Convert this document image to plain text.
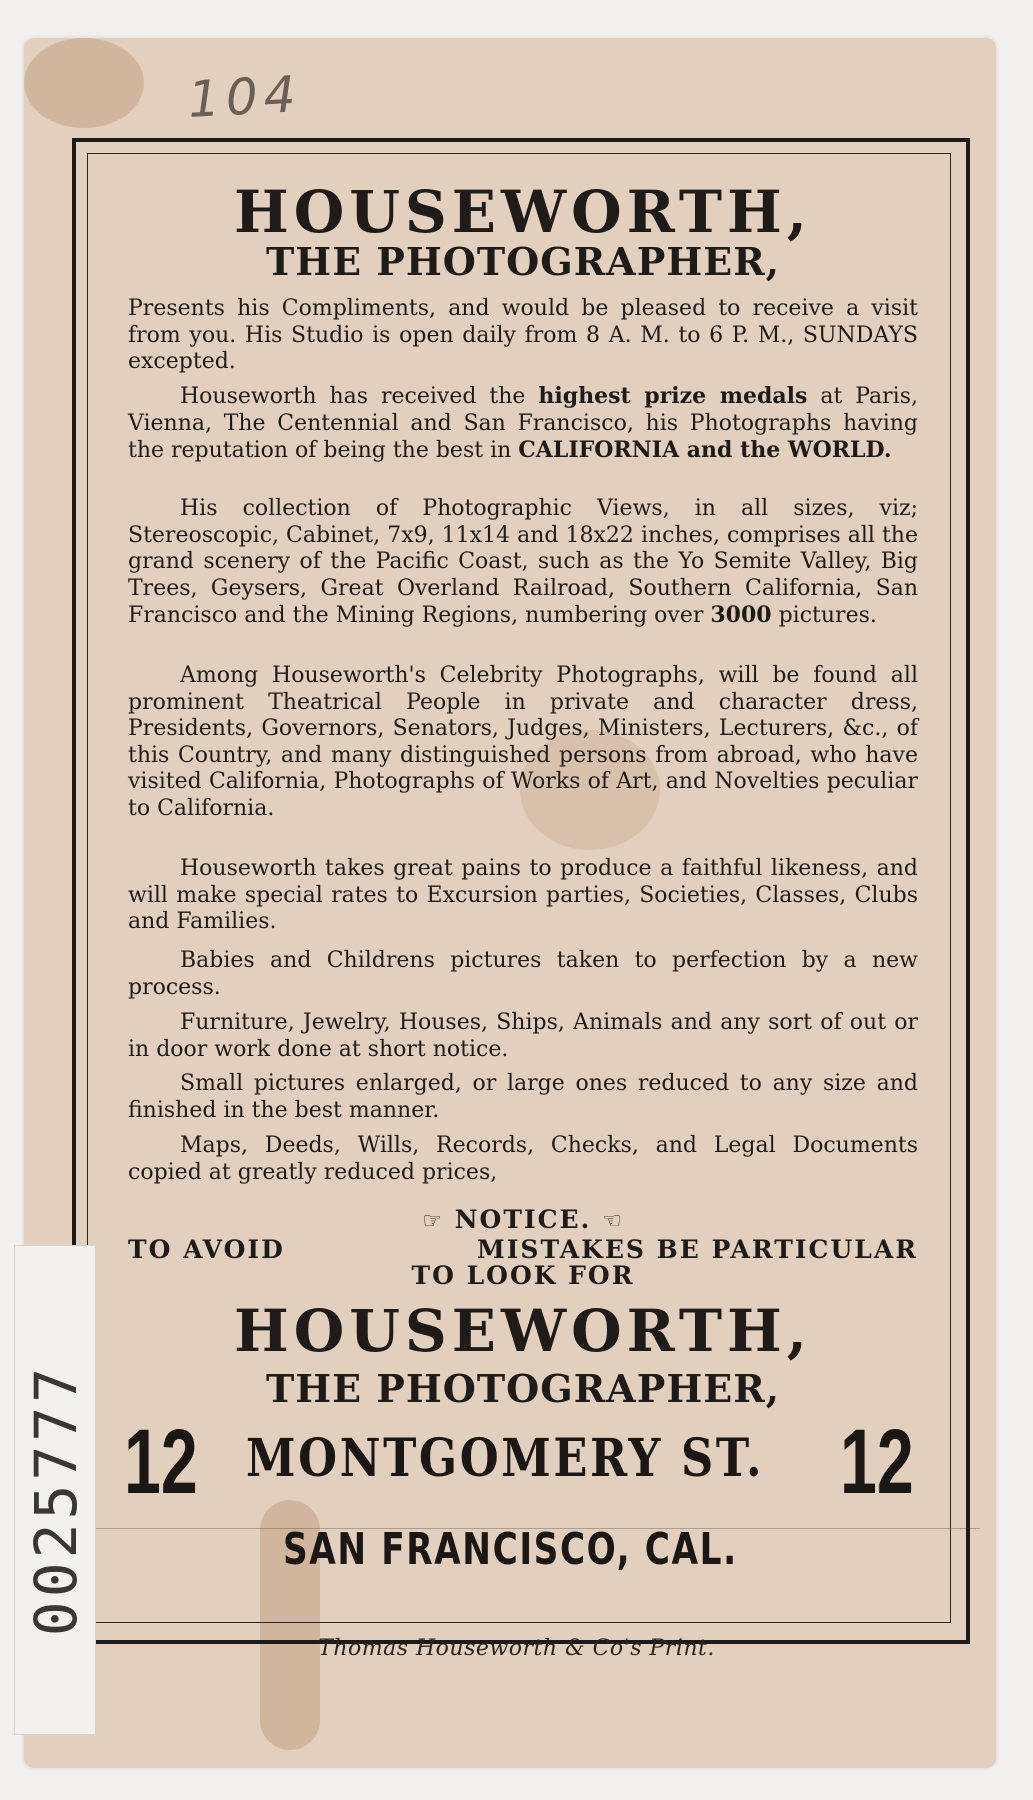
104
HOUSEWORTH,
THE PHOTOGRAPHER,
Presents his Compliments, and would be pleased to receive a visit from you. His Studio is open daily from 8 A. M. to 6 P. M., SUNDAYS excepted.
Houseworth has received the highest prize medals at Paris, Vienna, The Centennial and San Francisco, his Photographs having the reputation of being the best in CALIFORNIA and the WORLD.
His collection of Photographic Views, in all sizes, viz; Stereoscopic, Cabinet, 7x9, 11x14 and 18x22 inches, comprises all the grand scenery of the Pacific Coast, such as the Yo Semite Valley, Big Trees, Geysers, Great Overland Railroad, Southern California, San Francisco and the Mining Regions, numbering over 3000 pictures.
Among Houseworth's Celebrity Photographs, will be found all prominent Theatrical People in private and character dress, Presidents, Governors, Senators, Judges, Ministers, Lecturers, &c., of this Country, and many distinguished persons from abroad, who have visited California, Photographs of Works of Art, and Novelties peculiar to California.
Houseworth takes great pains to produce a faithful likeness, and will make special rates to Excursion parties, Societies, Classes, Clubs and Families.
Babies and Childrens pictures taken to perfection by a new process.
Furniture, Jewelry, Houses, Ships, Animals and any sort of out or in door work done at short notice.
Small pictures enlarged, or large ones reduced to any size and finished in the best manner.
Maps, Deeds, Wills, Records, Checks, and Legal Documents copied at greatly reduced prices,
☞ NOTICE. ☜
TO AVOID	MISTAKES BE PARTICULAR
TO LOOK FOR
HOUSEWORTH,
THE PHOTOGRAPHER,
12 MONTGOMERY ST. 12
SAN FRANCISCO, CAL.
Thomas Houseworth & Co's Print.
0025777
